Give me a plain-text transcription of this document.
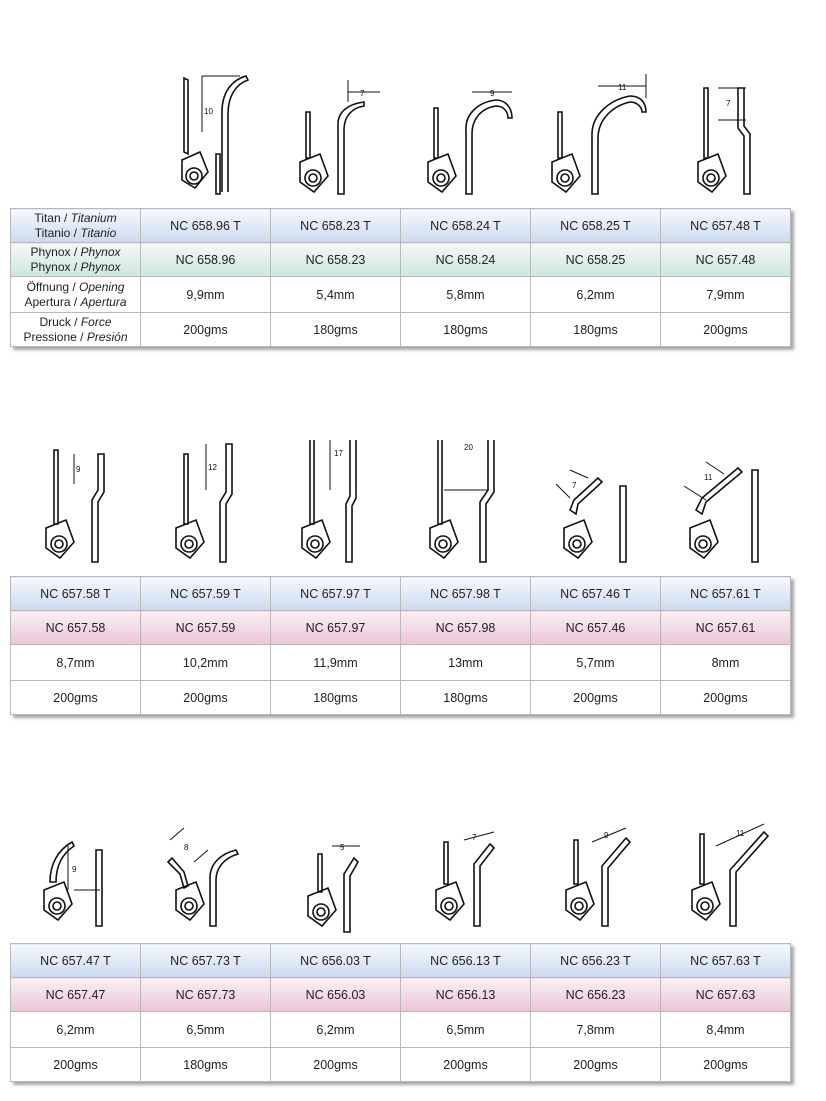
10
7	9
11
7
Titan / Titanium
Titanio / Titanio	NC 658.96 T	NC 658.23 T	NC 658.24 T	NC 658.25 T	NC 657.48 T
Phynox / Phynox
Phynox / Phynox	NC 658.96	NC 658.23	NC 658.24	NC 658.25	NC 657.48
Öffnung / Opening
Apertura / Apertura	9,9mm	5,4mm	5,8mm	6,2mm	7,9mm
Druck / Force
Pressione / Presión	200gms	180gms	180gms	180gms	200gms
9	12
17
20
7
11
NC 657.58 T	NC 657.59 T	NC 657.97 T	NC 657.98 T	NC 657.46 T	NC 657.61 T
NC 657.58	NC 657.59	NC 657.97	NC 657.98	NC 657.46	NC 657.61
8,7mm	10,2mm	11,9mm	13mm	5,7mm	8mm
200gms	200gms	180gms	180gms	200gms	200gms
9
8	5
7	9	11
NC 657.47 T	NC 657.73 T	NC 656.03 T	NC 656.13 T	NC 656.23 T	NC 657.63 T
NC 657.47	NC 657.73	NC 656.03	NC 656.13	NC 656.23	NC 657.63
6,2mm	6,5mm	6,2mm	6,5mm	7,8mm	8,4mm
200gms	180gms	200gms	200gms	200gms	200gms
